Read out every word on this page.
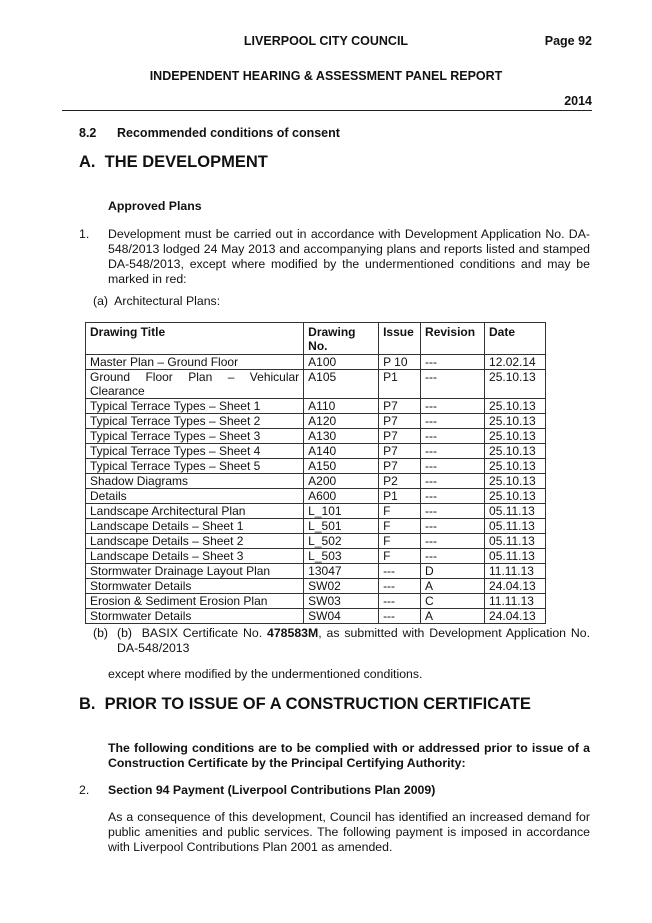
LIVERPOOL CITY COUNCIL	Page 92
INDEPENDENT HEARING & ASSESSMENT PANEL REPORT
2014
8.2 Recommended conditions of consent
A.  THE DEVELOPMENT
Approved Plans
1. Development must be carried out in accordance with Development Application No. DA-548/2013 lodged 24 May 2013 and accompanying plans and reports listed and stamped DA-548/2013, except where modified by the undermentioned conditions and may be marked in red:
(a)  Architectural Plans:
Drawing Title	Drawing No.	Issue	Revision	Date
Master Plan – Ground Floor	A100	P 10	---	12.02.14

Ground Floor Plan – Vehicular Clearance	A105	P1	---	25.10.13
Typical Terrace Types – Sheet 1	A110	P7	---	25.10.13
Typical Terrace Types – Sheet 2	A120	P7	---	25.10.13
Typical Terrace Types – Sheet 3	A130	P7	---	25.10.13
Typical Terrace Types – Sheet 4	A140	P7	---	25.10.13
Typical Terrace Types – Sheet 5	A150	P7	---	25.10.13
Shadow Diagrams	A200	P2	---	25.10.13
Details	A600	P1	---	25.10.13
Landscape Architectural Plan	L_101	F	---	05.11.13
Landscape Details – Sheet 1	L_501	F	---	05.11.13
Landscape Details – Sheet 2	L_502	F	---	05.11.13
Landscape Details – Sheet 3	L_503	F	---	05.11.13
Stormwater Drainage Layout Plan	13047	---	D	11.11.13
Stormwater Details	SW02	---	A	24.04.13
Erosion & Sediment Erosion Plan	SW03	---	C	11.11.13
Stormwater Details	SW04	---	A	24.04.13
(b) (b)  BASIX Certificate No. 478583M, as submitted with Development Application No. DA-548/2013
except where modified by the undermentioned conditions.
B.  PRIOR TO ISSUE OF A CONSTRUCTION CERTIFICATE
The following conditions are to be complied with or addressed prior to issue of a Construction Certificate by the Principal Certifying Authority:
2. Section 94 Payment (Liverpool Contributions Plan 2009)
As a consequence of this development, Council has identified an increased demand for public amenities and public services. The following payment is imposed in accordance with Liverpool Contributions Plan 2001 as amended.
